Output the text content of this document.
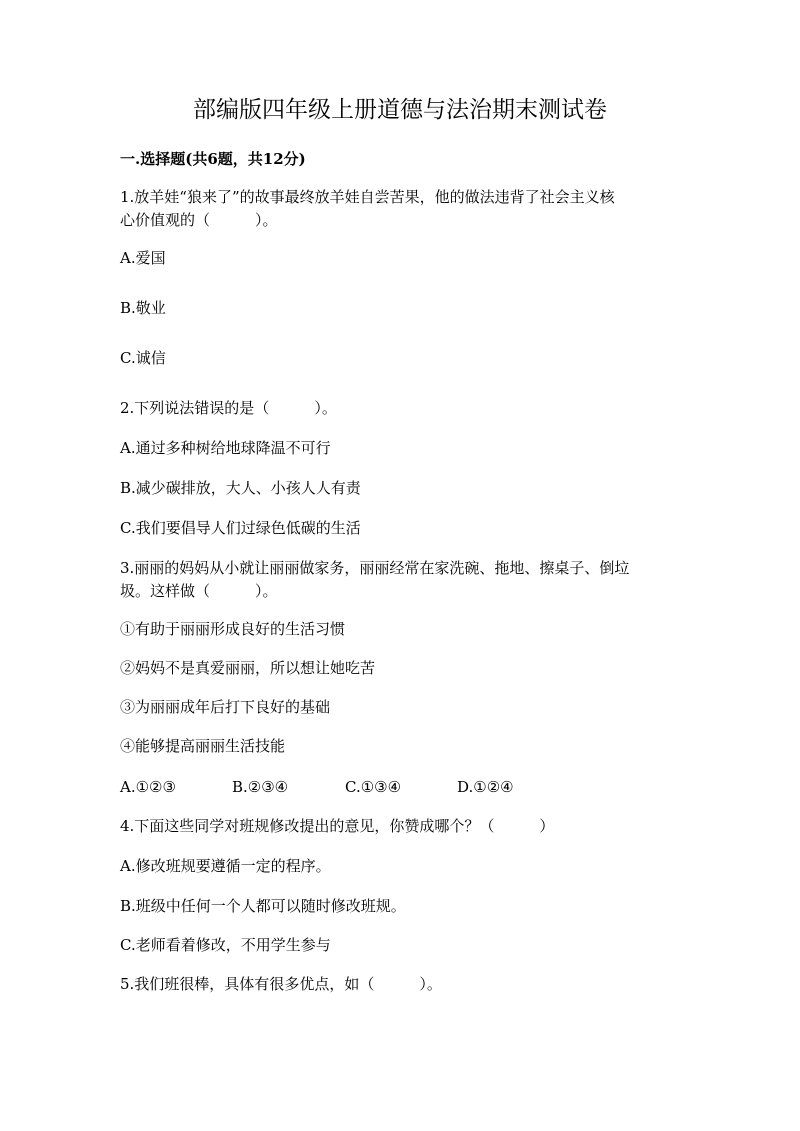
部编版四年级上册道德与法治期末测试卷
一.选择题(共6题，共12分)
1.放羊娃“狼来了”的故事最终放羊娃自尝苦果，他的做法违背了社会主义核
心价值观的（　　　）。
A.爱国
B.敬业
C.诚信
2.下列说法错误的是（　　　）。
A.通过多种树给地球降温不可行
B.减少碳排放，大人、小孩人人有责
C.我们要倡导人们过绿色低碳的生活
3.丽丽的妈妈从小就让丽丽做家务，丽丽经常在家洗碗、拖地、擦桌子、倒垃
圾。这样做（　　　）。
①有助于丽丽形成良好的生活习惯
②妈妈不是真爱丽丽，所以想让她吃苦
③为丽丽成年后打下良好的基础
④能够提高丽丽生活技能
A.①②③	B.②③④	C.①③④	D.①②④
4.下面这些同学对班规修改提出的意见，你赞成哪个？（　　　）
A.修改班规要遵循一定的程序。
B.班级中任何一个人都可以随时修改班规。
C.老师看着修改，不用学生参与
5.我们班很棒，具体有很多优点，如（　　　）。
